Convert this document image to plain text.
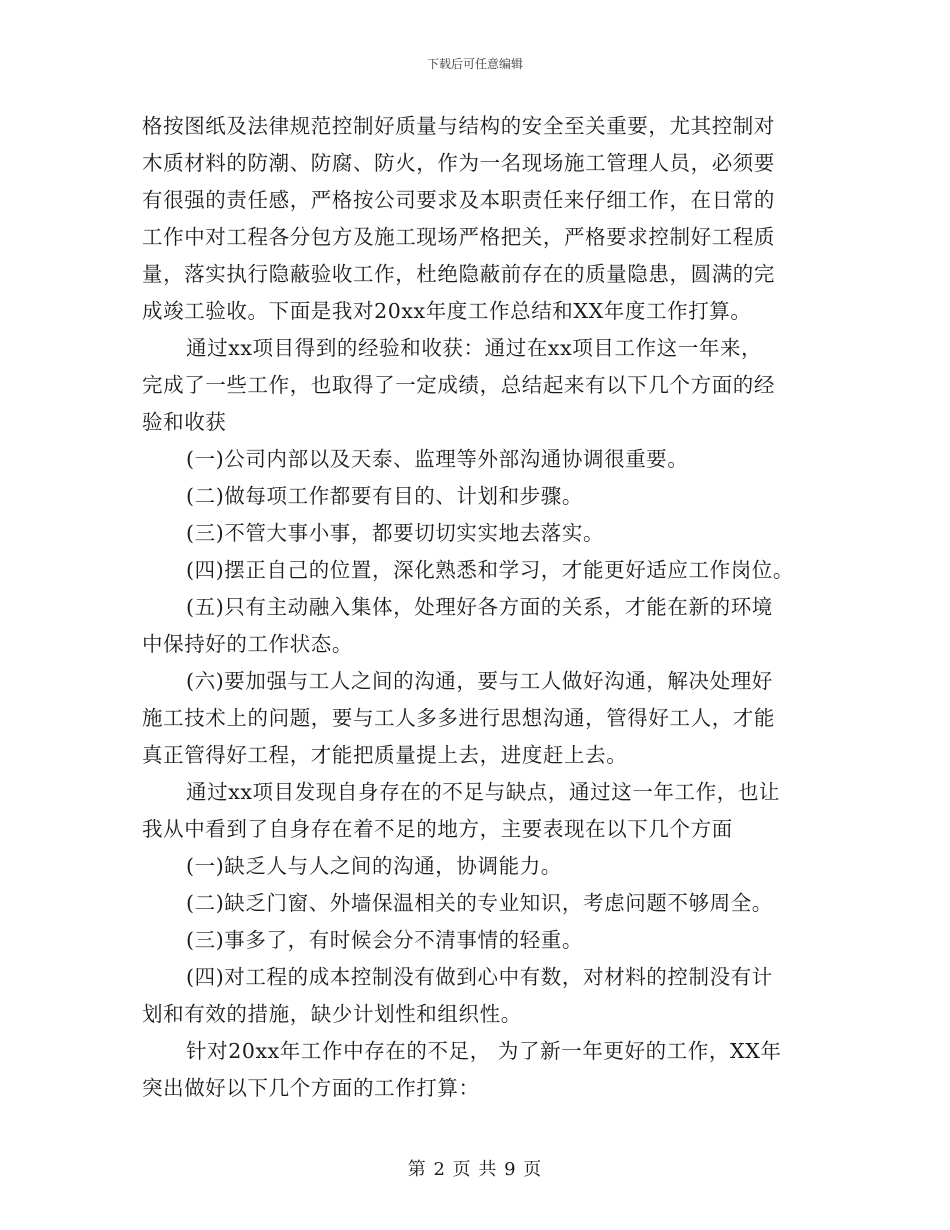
下载后可任意编辑
格按图纸及法律规范控制好质量与结构的安全至关重要，尤其控制对
木质材料的防潮、防腐、防火，作为一名现场施工管理人员，必须要
有很强的责任感，严格按公司要求及本职责任来仔细工作，在日常的
工作中对工程各分包方及施工现场严格把关，严格要求控制好工程质
量，落实执行隐蔽验收工作，杜绝隐蔽前存在的质量隐患，圆满的完
成竣工验收。下面是我对20xx年度工作总结和XX年度工作打算。
通过xx项目得到的经验和收获：通过在xx项目工作这一年来，
完成了一些工作，也取得了一定成绩，总结起来有以下几个方面的经
验和收获
(一)公司内部以及天泰、监理等外部沟通协调很重要。
(二)做每项工作都要有目的、计划和步骤。
(三)不管大事小事，都要切切实实地去落实。
(四)摆正自己的位置，深化熟悉和学习，才能更好适应工作岗位。
(五)只有主动融入集体，处理好各方面的关系，才能在新的环境
中保持好的工作状态。
(六)要加强与工人之间的沟通，要与工人做好沟通，解决处理好
施工技术上的问题，要与工人多多进行思想沟通，管得好工人，才能
真正管得好工程，才能把质量提上去，进度赶上去。
通过xx项目发现自身存在的不足与缺点，通过这一年工作，也让
我从中看到了自身存在着不足的地方，主要表现在以下几个方面
(一)缺乏人与人之间的沟通，协调能力。
(二)缺乏门窗、外墙保温相关的专业知识，考虑问题不够周全。
(三)事多了，有时候会分不清事情的轻重。
(四)对工程的成本控制没有做到心中有数，对材料的控制没有计
划和有效的措施，缺少计划性和组织性。
针对20xx年工作中存在的不足， 为了新一年更好的工作，XX年
突出做好以下几个方面的工作打算：
第 2 页 共 9 页
